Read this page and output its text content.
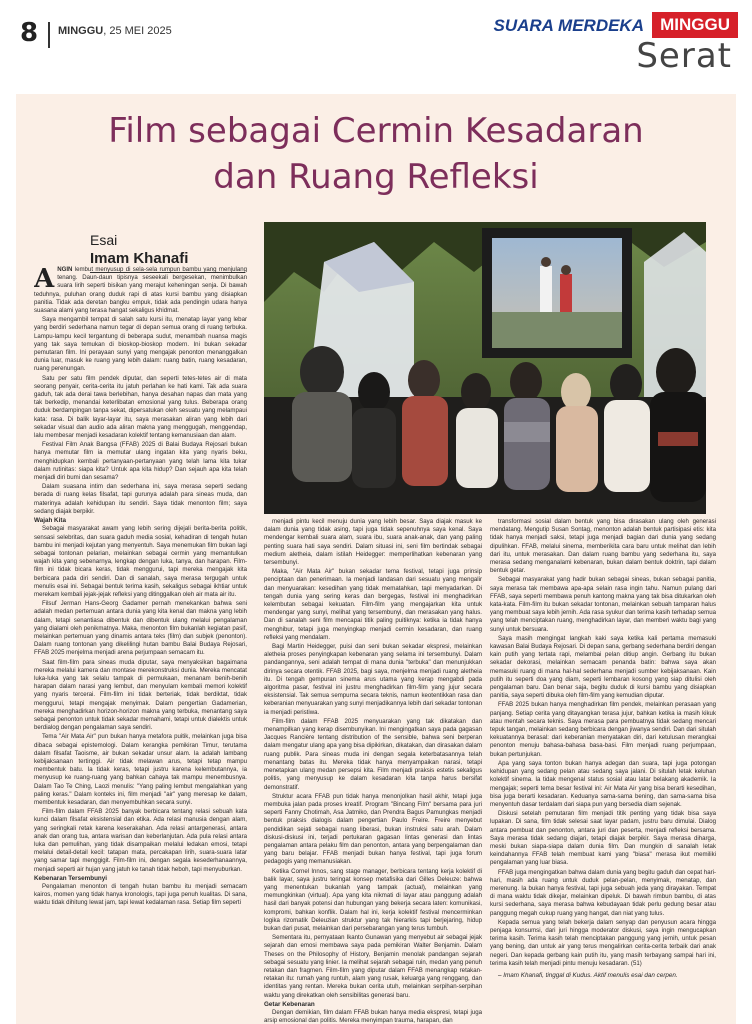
8 MINGGU, 25 MEI 2025	SUARA MERDEKA MINGGU
Serat
Film sebagai Cermin Kesadaran
dan Ruang Refleksi
Esai
Imam Khanafi

ANGIN lembut menyusup di sela-sela rumpun bambu yang menjulang tenang. Daun-daun tipisnya seseekali bergesekan, menimbulkan suara lirih seperti bisikan yang merajut keheningan senja. Di bawah teduhnya, puluhan orang duduk rapi di atas kursi bambu yang disiapkan panitia. Tidak ada deretan bangku empuk, tidak ada pendingin udara hanya suasana alami yang terasa hangat sekaligus khidmat.

Saya mengambil tempat di salah satu kursi itu, menatap layar yang lebar yang berdiri sederhana namun tegar di depan semua orang di ruang terbuka. Lampu-lampu kecil tergantung di beberapa sudut, menambah nuansa magis yang tak saya temukan di bioskop-bioskop modern. Ini bukan sekadar pemutaran film. Ini perayaan sunyi yang mengajak penonton menanggalkan dunia luar, masuk ke ruang yang lebih dalam: ruang batin, ruang kesadaran, ruang perenungan.

Satu per satu film pendek diputar, dan seperti tetes-tetes air di mata seorang penyair, cerita-cerita itu jatuh perlahan ke hati kami. Tak ada suara gaduh, tak ada derai tawa berlebihan, hanya desahan napas dan mata yang tak berkedip, menandai keterlibatan emosional yang tulus. Beberapa orang duduk berdampingan tanpa sekat, dipersatukan oleh sesuatu yang melampaui kata: rasa. Di balik layar-layar itu, saya merasakan aliran yang lebih dari sekadar visual dan audio ada aliran makna yang menggugah, menggendap, lalu membesar menjadi kesadaran kolektif tentang kemanusiaan dan alam.

Festival Film Anak Bangsa (FFAB) 2025 di Balai Budaya Rejosari bukan hanya memutar film ia memutar ulang ingatan kita yang nyaris beku, menghidupkan kembali pertanyaan-pertanyaan yang telah lama kita tukar dalam rutinitas: siapa kita? Untuk apa kita hidup? Dan sejauh apa kita telah menjadi diri bumi dan sesama?

Dalam suasana intim dan sederhana ini, saya merasa seperti sedang berada di ruang kelas filsafat, tapi gurunya adalah para sineas muda, dan materinya adalah kehidupan itu sendiri. Saya tidak menonton film; saya sedang diajak berpikir.

Wajah Kita

Sebagai masyarakat awam yang lebih sering dijejali berita-berita politik, sensasi selebritas, dan suara gaduh media sosial, kehadiran di tengah hutan bambu ini menjadi kejutan yang menyentuh. Saya menemukan film bukan lagi sebagai tontonan pelarian, melainkan sebagai cermin yang memantulkan wajah kita yang sebenarnya, lengkap dengan luka, tanya, dan harapan. Film-film ini tidak bicara keras, tidak menggurui, tapi mereka mengajak kita berbicara pada diri sendiri. Dan di sanalah, saya merasa tergugah untuk menulis esai ini. Sebagai bentuk terima kasih, sekaligus sebagai ikhtiar untuk merekam kembali jejak-jejak refleksi yang ditinggalkan oleh air mata air itu.

Filsuf Jerman Hans-Georg Gadamer pernah menekankan bahwa seni adalah medan pertemuan antara dunia yang kita kenal dan makna yang lebih dalam, tetapi senantiasa dibentuk dan dibentuk ulang melalui pengalaman yang dialami oleh penikmatnya. Maka, menonton film bukanlah kegiatan pasif, melainkan pertemuan yang dinamis antara teks (film) dan subjek (penonton). Dalam ruang tontonan yang dikelilingi hutan bambu Balai Budaya Rejosari, FFAB 2025 menjelma menjadi arena perjumpaan semacam itu.

Saat film-film para sineas muda diputar, saya menyaksikan bagaimana mereka melalui kamera dan montase merekonstruksi dunia. Mereka mencatat luka-luka yang tak selalu tampak di permukaan, menanam benih-benih harapan dalam narasi yang lembut, dan menyulam kembali memori kolektif yang nyaris tercerai. Film-film ini tidak berteriak, tidak berdiktat, tidak menggurui, tetapi mengajak menyimak. Dalam pengertian Gadamerian, mereka menghadirkan horizon-horizon makna yang terbuka, menantang saya sebagai penonton untuk tidak sekadar memahami, tetapi untuk dialektis untuk berdialog dengan pengalaman saya sendiri.

Tema "Air Mata Air" pun bukan hanya metafora puitik, melainkan juga bisa dibaca sebagai epistemologi. Dalam kerangka pemikiran Timur, terutama dalam filsafat Taoisme, air bukan sekadar unsur alam. Ia adalah lambang kebijaksanaan tertinggi. Air tidak melawan arus, tetapi tetap mampu membentuk batu. Ia tidak keras, tetapi justru karena kelembutannya, ia menyusup ke ruang-ruang yang bahkan cahaya tak mampu menembusnya. Dalam Tao Te Ching, Laozi menulis: "Yang paling lembut mengalahkan yang paling keras." Dalam konteks ini, film menjadi "air" yang meresap ke dalam, membentuk kesadaran, dan menyembuhkan secara sunyi.

Film-film dalam FFAB 2025 banyak berbicara tentang relasi sebuah kata kunci dalam filsafat eksistensial dan etika. Ada relasi manusia dengan alam, yang seringkali retak karena keserakahan. Ada relasi antargenerasi, antara anak dan orang tua, antara warisan dan keberlanjutan. Ada pula relasi antara luka dan pemulihan, yang tidak disampaikan melalui ledakan emosi, tetapi melalui detail-detail kecil: tatapan mata, percakapan lirih, suara-suara latar yang samar tapi menggigit. Film-film ini, dengan segala kesederhanaannya, menjadi seperti air hujan yang jatuh ke tanah tidak heboh, tapi menyuburkan.

Kebenaran Tersembunyi

Pengalaman menonton di tengah hutan bambu itu menjadi semacam kairos, momen yang tidak hanya kronologis, tapi juga penuh kualitas. Di sana, waktu tidak dihitung lewat jam, tapi lewat kedalaman rasa. Setiap film seperti

menjadi pintu kecil menuju dunia yang lebih besar. Saya diajak masuk ke dalam dunia yang tidak asing, tapi juga tidak sepenuhnya saya kenal. Saya mendengar kembali suara alam, suara ibu, suara anak-anak, dan yang paling penting suara hati saya sendiri. Dalam situasi ini, seni film bertindak sebagai medium aletheia, dalam istilah Heidegger: memperlihatkan kebenaran yang tersembunyi.

Maka, "Air Mata Air" bukan sekadar tema festival, tetapi juga prinsip penciptaan dan penerimaan. Ia menjadi landasan dari sesuatu yang mengalir dan menyuarakan: kesedihan yang tidak mematahkan, tapi menyadarkan. Di tengah dunia yang sering keras dan bergegas, festival ini menghadirkan kelembutan sebagai kekuatan. Film-film yang mengajarkan kita untuk mendengar yang sunyi, melihat yang tersembunyi, dan merasakan yang halus. Dan di sanalah seni film mencapai titik paling puitiknya: ketika ia tidak hanya menghibur, tetapi juga menyingkap menjadi cermin kesadaran, dan ruang refleksi yang mendalam.

Bagi Martin Heidegger, puisi dan seni bukan sekadar ekspresi, melainkan aletheia proses penyingkapan kebenaran yang selama ini tersembunyi. Dalam pandangannya, seni adalah tempat di mana dunia "terbuka" dan menunjukkan dirinya secara otentik. FFAB 2025, bagi saya, menjelma menjadi ruang aletheia itu. Di tengah gempuran sinema arus utama yang kerap mengabdi pada algoritma pasar, festival ini justru menghadirkan film-film yang jujur secara eksistensial. Tak semua sempurna secara teknis, namun keotentikkan rasa dan keberanian menyuarakan yang sunyi menjadikannya lebih dari sekadar tontonan ia menjadi peristiwa.

Film-film dalam FFAB 2025 menyuarakan yang tak dikatakan dan menampilkan yang kerap disembunyikan. Ini mengingatkan saya pada gagasan Jacques Rancière tentang distribution of the sensible, bahwa seni berperan dalam mengatur ulang apa yang bisa dipikirkan, dikatakan, dan dirasakan dalam ruang publik. Para sineas muda ini dengan segala keterbatasannya telah menantang batas itu. Mereka tidak hanya menyampaikan narasi, tetapi menetapkan ulang medan persepsi kita. Film menjadi praksis estetis sekaligus politis, yang menyusup ke dalam kesadaran kita tanpa harus bersifat demonstratif.

Struktur acara FFAB pun tidak hanya menonjolkan hasil akhir, tetapi juga membuka jalan pada proses kreatif. Program "Bincang Film" bersama para juri seperti Fanny Chotimah, Asa Jatmiko, dan Prendra Bagus Pamungkas menjadi bentuk praksis dialogis dalam pengertian Paulo Freire. Freire menyebut pendidikan sejati sebagai ruang liberasi, bukan instruksi satu arah. Dalam diskusi-diskusi ini, terjadi pertukaran gagasan lintas generasi dan lintas pengalaman antara pelaku film dan penonton, antara yang berpengalaman dan yang baru belajar. FFAB menjadi bukan hanya festival, tapi juga forum pedagogis yang memanusiakan.

Ketika Cornel Innos, sang stage manager, berbicara tentang kerja kolektif di balik layar, saya justru teringat konsep metafisika dari Gilles Deleuze: bahwa yang menentukan bukanlah yang tampak (actual), melainkan yang memungkinkan (virtual). Apa yang kita nikmati di layar atau panggung adalah hasil dari banyak potensi dan hubungan yang bekerja secara laten: komunikasi, kompromi, bahkan konflik. Dalam hal ini, kerja kolektif festival mencerminkan logika rizomatik Deleuzian struktur yang tak hierarkis tapi berjejaring, hidup bukan dari pusat, melainkan dari persebarangan yang terus tumbuh.

Sementara itu, pernyataan Ikanto Gunawan yang menyebut air sebagai jejak sejarah dan emosi membawa saya pada pemikiran Walter Benjamin. Dalam Theses on the Philosophy of History, Benjamin menolak pandangan sejarah sebagai sesuatu yang linier. Ia melihat sejarah sebagai ruin, medan yang penuh retakan dan fragmen. Film-film yang diputar dalam FFAB menangkap retakan-retakan itu: rumah yang runtuh, alam yang rusak, keluarga yang renggang, dan identitas yang rentan. Mereka bukan cerita utuh, melainkan serpihan-serpihan waktu yang direkatkan oleh sensibilitas generasi baru.

Getar Kebenaran

Dengan demikian, film dalam FFAB bukan hanya media ekspresi, tetapi juga arsip emosional dan politis. Mereka menyimpan trauma, harapan, dan

transformasi sosial dalam bentuk yang bisa dirasakan ulang oleh generasi mendatang. Mengutip Susan Sontag, menonton adalah bentuk partisipasi etis: kita tidak hanya menjadi saksi, tetapi juga menjadi bagian dari dunia yang sedang dipulihkan. FFAB, melalui sinema, memberikita cara baru untuk melihat dan lebih dari itu, untuk merasakan. Dan dalam ruang bambu yang sederhana itu, saya merasa sedang menganalami kebenaran, bukan dalam bentuk doktrin, tapi dalam bentuk getar.

Sebagai masyarakat yang hadir bukan sebagai sineas, bukan sebagai panitia, saya merasa tak membawa apa-apa selain rasa ingin tahu. Namun pulang dari FFAB, saya seperti membawa penuh kantong makna yang tak bisa ditukarkan oleh kata-kata. Film-film itu bukan sekadar tontonan, melainkan sebuah tamparan halus yang membuat saya lebih jernih. Ada rasa syukur dan terima kasih terhadap semua yang telah menciptakan ruang, menghadirkan layar, dan memberi waktu bagi yang sunyi untuk bersuara.

Saya masih mengingat langkah kaki saya ketika kali pertama memasuki kawasan Balai Budaya Rejosari. Di depan sana, gerbang sederhana berdiri dengan kain putih yang tertata rapi, melambai pelan ditiup angin. Gerbang itu bukan sekadar dekorasi, melainkan semacam penanda batin: bahwa saya akan memasuki ruang di mana hal-hal sederhana menjadi sumber kebijaksanaan. Kain putih itu seperti doa yang diam, seperti lembaran kosong yang siap ditulisi oleh pengalaman baru. Dan benar saja, begitu duduk di kursi bambu yang disiapkan panitia, saya seperti dibuka oleh film-film yang kemudian diputar.

FFAB 2025 bukan hanya menghadirkan film pendek, melainkan perasaan yang panjang. Setiap cerita yang ditayangkan terasa jujur, bahkan ketika ia masih kikuk atau mentah secara teknis. Saya merasa para pembuatnya tidak sedang mencari tepuk tangan, melainkan sedang berbicara dengan jiwanya sendiri. Dan dari situlah kekuatannya berasal: dari keberanian menyatakan diri, dari ketulusan merangkai penonton menuju bahasa-bahasa basa-basi. Film menjadi ruang perjumpaan, bukan pertunjukan.

Apa yang saya tonton bukan hanya adegan dan suara, tapi juga potongan kehidupan yang sedang pelan atau sedang saya jalani. Di situlah letak keluhan kolektif sinema. Ia tidak mengenal status sosial atau latar belakang akademik. Ia mengajak; seperti tema besar festival ini: Air Mata Air yang bisa berarti kesedihan, bisa juga berarti kesadaran. Keduanya sama-sama bening, dan sama-sama bisa menyentuh dasar terdalam dari siapa pun yang bersedia diam sejenak.

Diskusi setelah pemutaran film menjadi titik penting yang tidak bisa saya lupakan. Di sana, film tidak selesai saat layar padam, justru baru dimulai. Dialog antara pembuat dan penonton, antara juri dan peserta, menjadi refleksi bersama. Saya merasa tidak sedang diajari, tetapi diajak berpikir. Saya merasa diharga, meski bukan siapa-siapa dalam dunia film. Dan mungkin di sanalah letak keindahannya FFAB telah membuat kami yang "biasa" merasa ikut memiliki pengalaman yang luar biasa.

FFAB juga mengingatkan bahwa dalam dunia yang begitu gaduh dan cepat hari-hari, masih ada ruang untuk duduk pelan-pelan, menyimak, menatap, dan merenung. Ia bukan hanya festival, tapi juga sebuah jeda yang dirayakan. Tempat di mana waktu tidak dikejar, melainkan dipeluk. Di bawah rimbun bambu, di atas kursi sederhana, saya merasa bahwa kebudayaan tidak perlu gedung besar atau panggung megah cukup ruang yang hangat, dan niat yang tulus.

Kepada semua yang telah bekerja dalam senyap dan penyusun acara hingga penjaga konsumsi, dari juri hingga moderator diskusi, saya ingin mengucapkan terima kasih. Terima kasih telah menciptakan panggung yang jernih, untuk pesan yang bening, dan untuk air yang terus mengalirkan cerita-cerita terbaik dari anak negeri. Dan kepada gerbang kain putih itu, yang masih terbayang sampai hari ini, terima kasih telah menjadi pintu menuju kesadaran. (51)

– Imam Khanafi, tinggal di Kudus. Aktif menulis esai dan cerpen.
